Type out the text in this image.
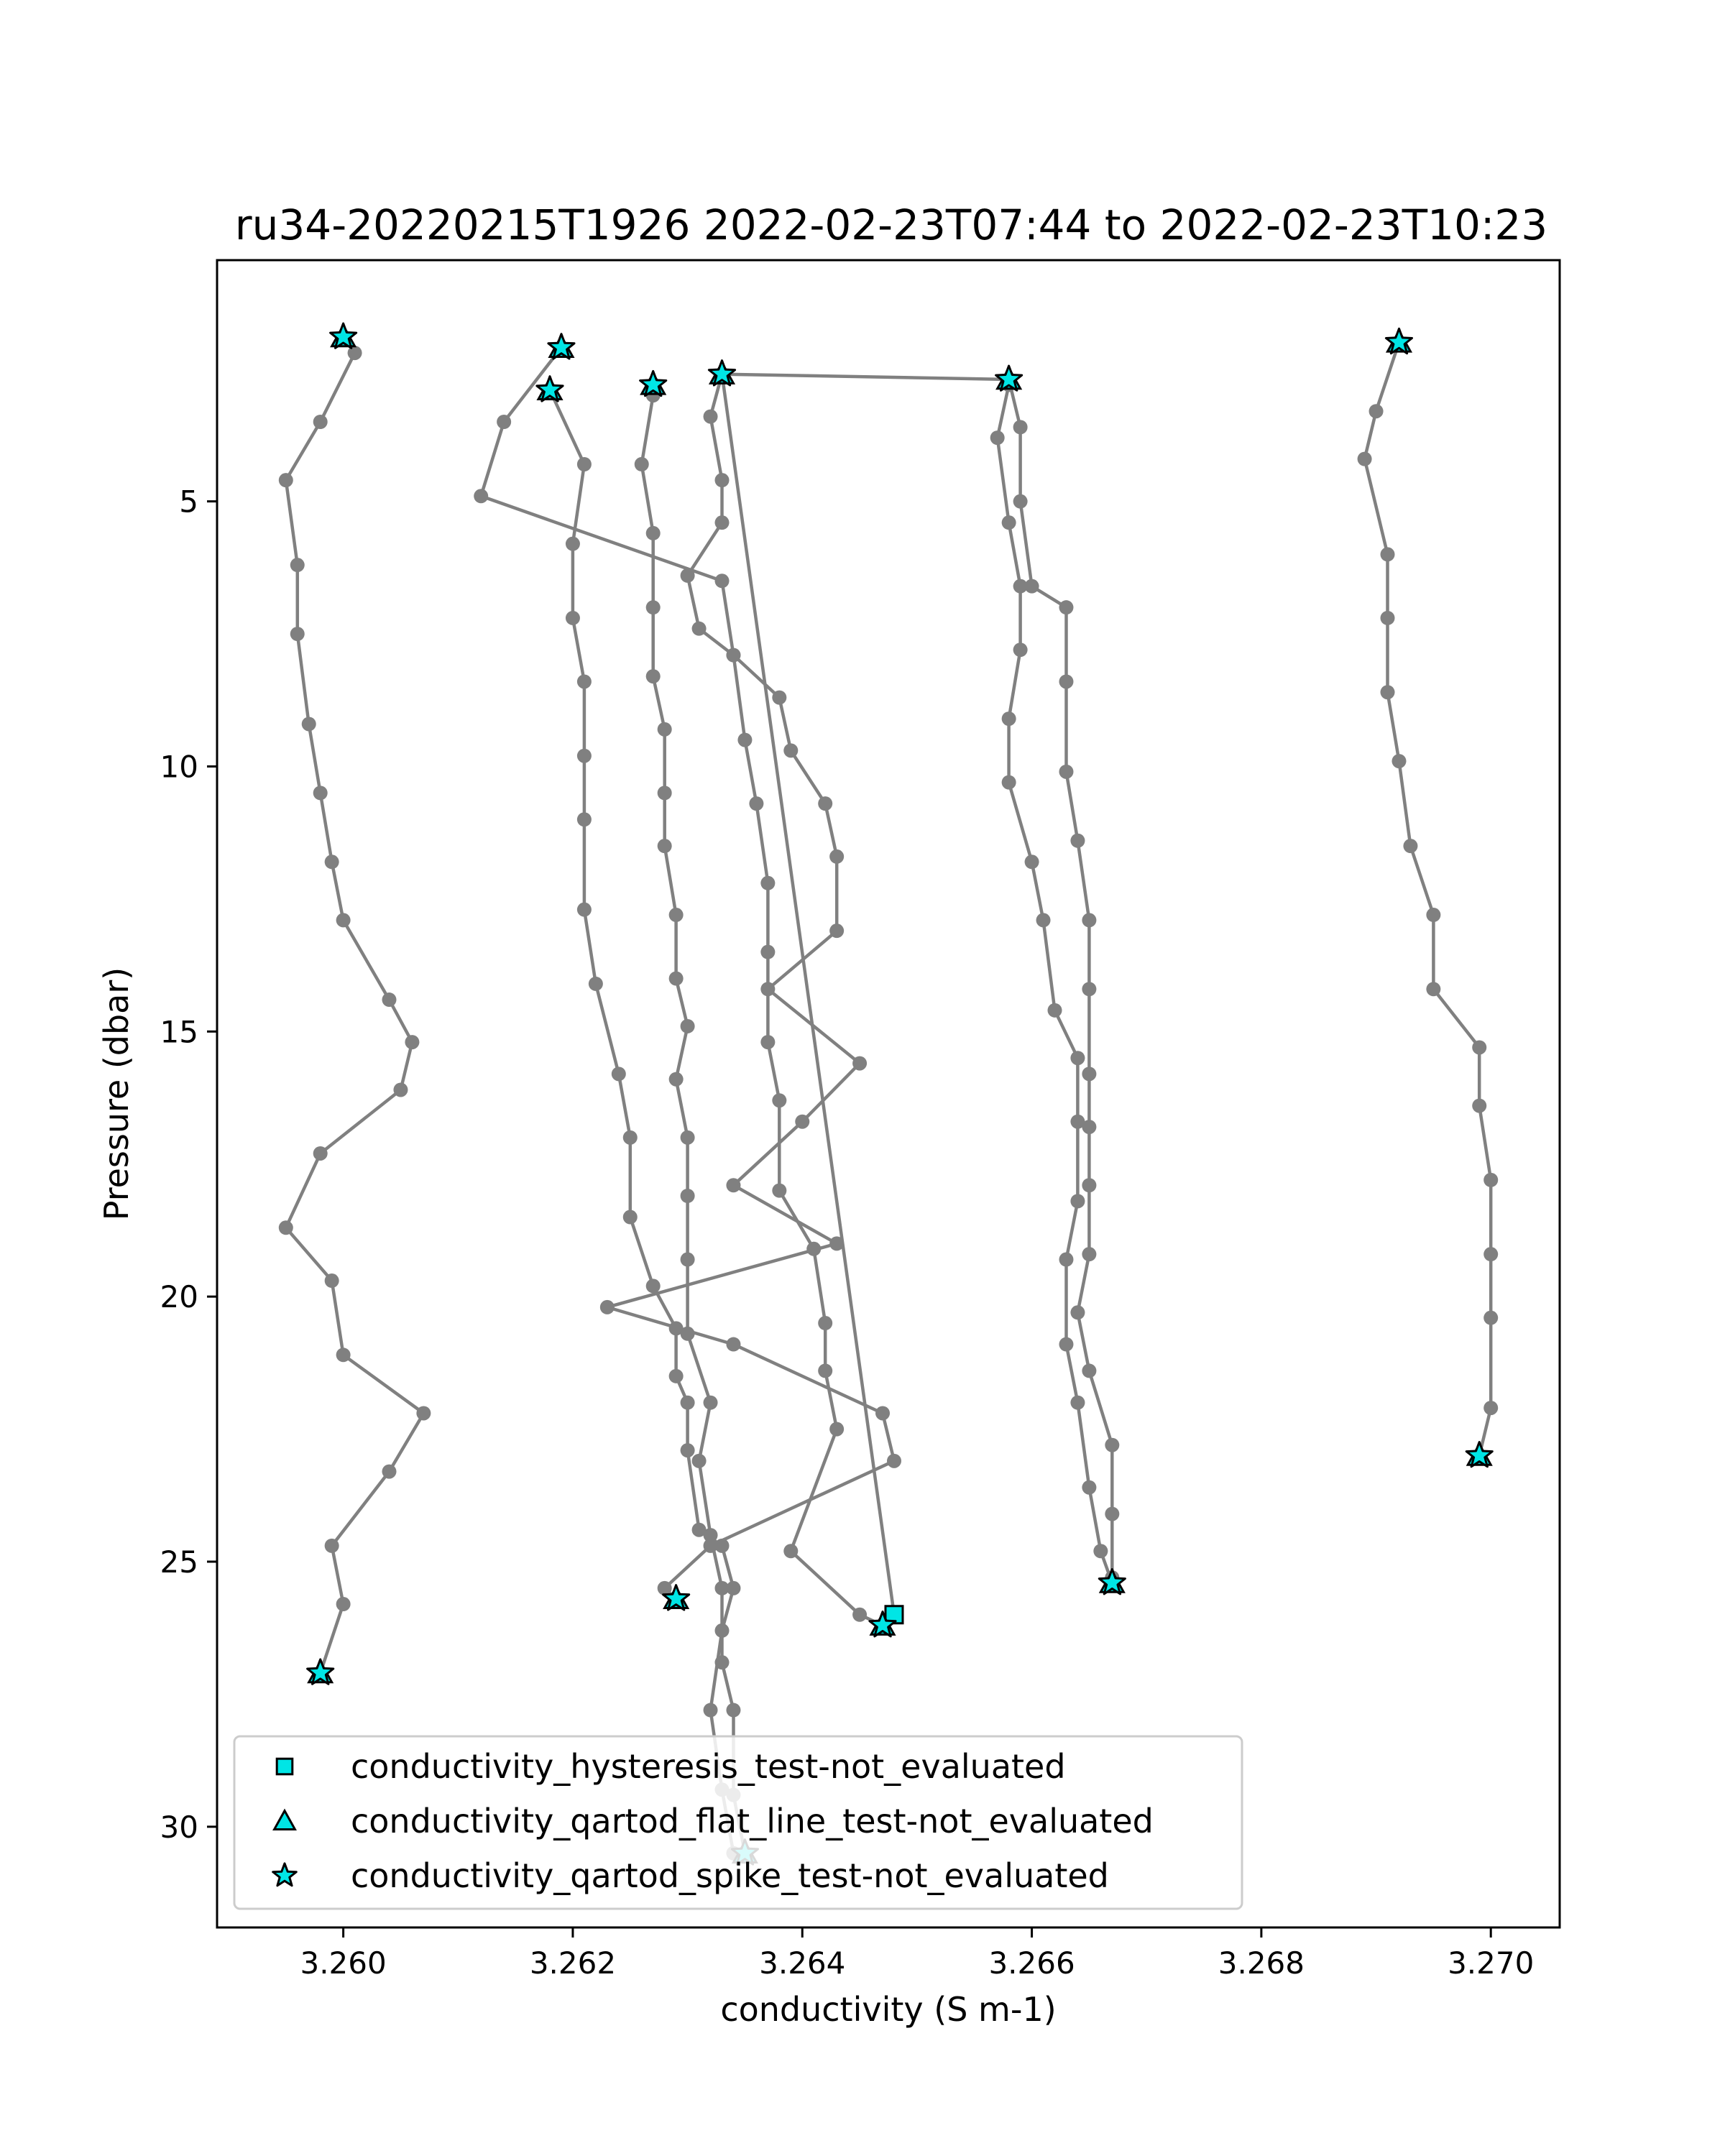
ru34-20220215T1926 2022-02-23T07:44 to 2022-02-23T10:23
3.260	3.262	3.264	3.266	3.268	3.270
5
10
15
20
25
30
conductivity (S m-1)
Pressure (dbar)
conductivity_hysteresis_test-not_evaluated
conductivity_qartod_flat_line_test-not_evaluated
conductivity_qartod_spike_test-not_evaluated
